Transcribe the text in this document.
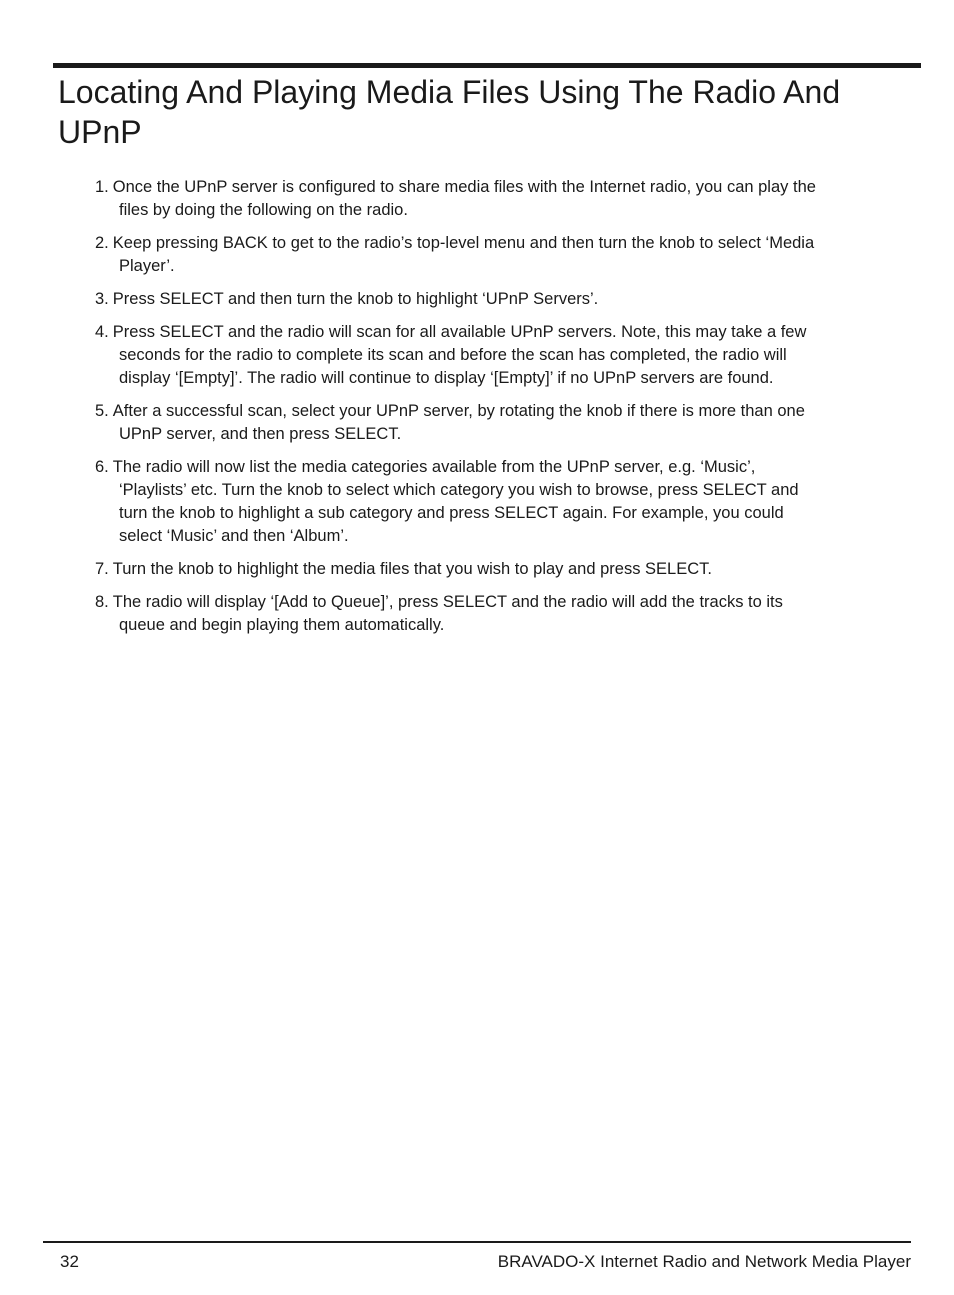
Locating And Playing Media Files Using The Radio And UPnP
1. Once the UPnP server is configured to share media files with the Internet radio, you can play the files by doing the following on the radio.
2. Keep pressing BACK to get to the radio’s top-level menu and then turn the knob to select ‘Media Player’.
3. Press SELECT and then turn the knob to highlight ‘UPnP Servers’.
4. Press SELECT and the radio will scan for all available UPnP servers. Note, this may take a few seconds for the radio to complete its scan and before the scan has completed, the radio will display ‘[Empty]’. The radio will continue to display ‘[Empty]’ if no UPnP servers are found.
5. After a successful scan, select your UPnP server, by rotating the knob if there is more than one UPnP server, and then press SELECT.
6. The radio will now list the media categories available from the UPnP server, e.g. ‘Music’, ‘Playlists’ etc. Turn the knob to select which category you wish to browse, press SELECT and turn the knob to highlight a sub category and press SELECT again. For example, you could select ‘Music’ and then ‘Album’.
7. Turn the knob to highlight the media files that you wish to play and press SELECT.
8. The radio will display ‘[Add to Queue]’, press SELECT and the radio will add the tracks to its queue and begin playing them automatically.
32	BRAVADO-X Internet Radio and Network Media Player
